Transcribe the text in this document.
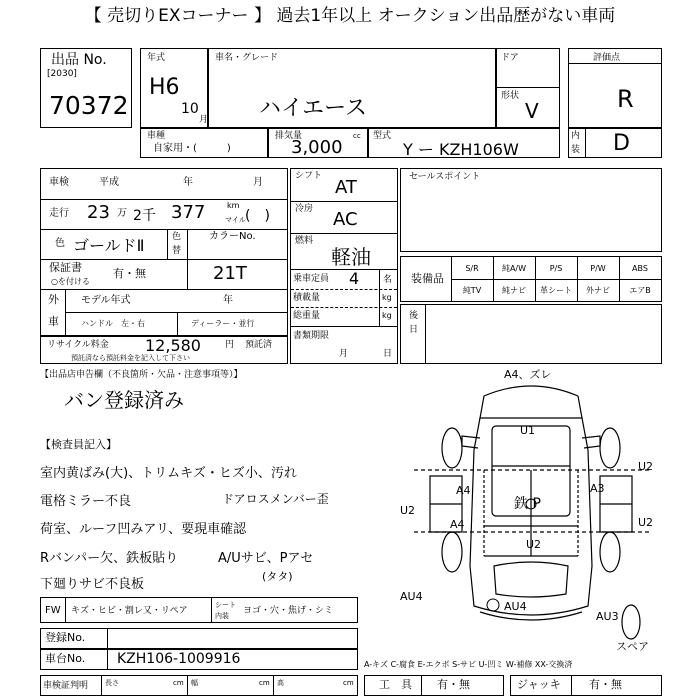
【 売切りEXコーナー 】 過去1年以上 オークション出品歴がない車両
出品 No.
[2030]
70372
年式
H6
10
月
車名・グレード
ハイエース
ドア
形状
V
評価点
R
車種
自家用・(　　　)
排気量
3,000
cc 型式
Y ー KZH106W
内
装 D
車検	平成	年	月
走行 23 万 2千 377	km
マイル (　)
色 ゴールドⅡ	色
替
カラーNo.
21T
保証書
○を付ける
有・無
外
車
モデル年式	年
ハンドル　左・右	ディーラー・並行
リサイクル料金 12,580	円 預託済
預託済なら預託料金を記入して下さい
シフト
AT
冷房 AC
燃料
軽油
乗車定員 4	名
積載量	kg
総重量	kg
書類期限
月	日
セールスポイント
装備品
S/R	純A/W	P/S	P/W	ABS
純TV	純ナビ	革シート	外ナビ	エアB
後
日
【出品店申告欄（不良箇所・欠品・注意事項等）】
バン登録済み
【検査員記入】
室内黄ばみ(大)、トリムキズ・ヒズ小、汚れ
電格ミラー不良	ドアロスメンバー歪
荷室、ルーフ凹みアリ、要現車確認
Rバンパー欠、鉄板貼り	A/Uサビ、Pアセ
下廻りサビ不良板
(タタ)
FW キズ・ヒビ・割レ又・リペア
シート
内装 ヨゴ・穴・焦げ・シミ
登録No.
車台No. KZH106-1009916
車検証判明 長さ	cm 幅	cm 高	cm
A-キズ C-腐食 E-エクボ S-サビ U-凹ミ W-補修 XX-交換済
工　具 有・無	ジャッキ	有・無
A4、ズレ
U1
U2
U2
U2
A4
A4
A3
鉄 P
U2
AU4
AU4
AU3
スペア
